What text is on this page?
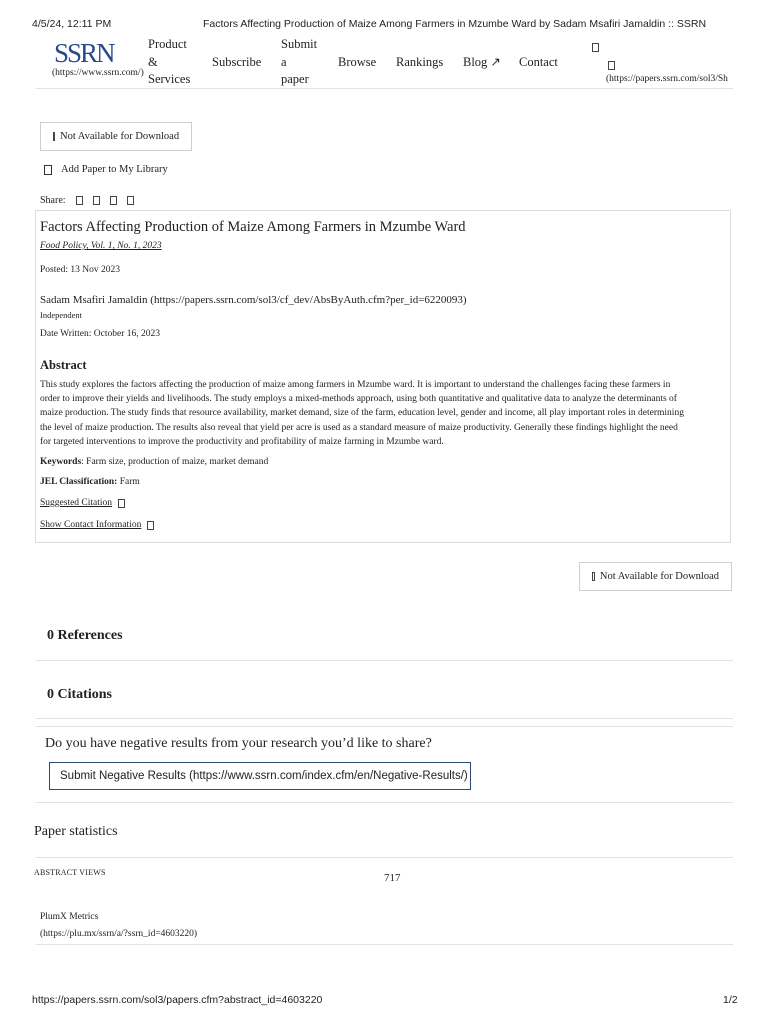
4/5/24, 12:11 PM	Factors Affecting Production of Maize Among Farmers in Mzumbe Ward by Sadam Msafiri Jamaldin :: SSRN
SSRN
(https://www.ssrn.com/)
Product
&
Services
Subscribe
Submit
a
paper
Browse Rankings Blog ↗ Contact
(https://papers.ssrn.com/sol3/Sh
Not Available for Download
Add Paper to My Library
Share:
Factors Affecting Production of Maize Among Farmers in Mzumbe Ward
Food Policy, Vol. 1, No. 1, 2023
Posted: 13 Nov 2023
Sadam Msafiri Jamaldin (https://papers.ssrn.com/sol3/cf_dev/AbsByAuth.cfm?per_id=6220093)
Independent
Date Written: October 16, 2023
Abstract
This study explores the factors affecting the production of maize among farmers in Mzumbe ward. It is important to understand the challenges facing these farmers in
order to improve their yields and livelihoods. The study employs a mixed-methods approach, using both quantitative and qualitative data to analyze the determinants of
maize production. The study finds that resource availability, market demand, size of the farm, education level, gender and income, all play important roles in determining
the level of maize production. The results also reveal that yield per acre is used as a standard measure of maize productivity. Generally these findings highlight the need
for targeted interventions to improve the productivity and profitability of maize farming in Mzumbe ward.
Keywords: Farm size, production of maize, market demand
JEL Classification: Farm
Suggested Citation
Show Contact Information
Not Available for Download
0 References
0 Citations
Do you have negative results from your research you’d like to share?
Submit Negative Results (https://www.ssrn.com/index.cfm/en/Negative-Results/)
Paper statistics
ABSTRACT VIEWS	717
PlumX Metrics
(https://plu.mx/ssrn/a/?ssrn_id=4603220)
https://papers.ssrn.com/sol3/papers.cfm?abstract_id=4603220	1/2
